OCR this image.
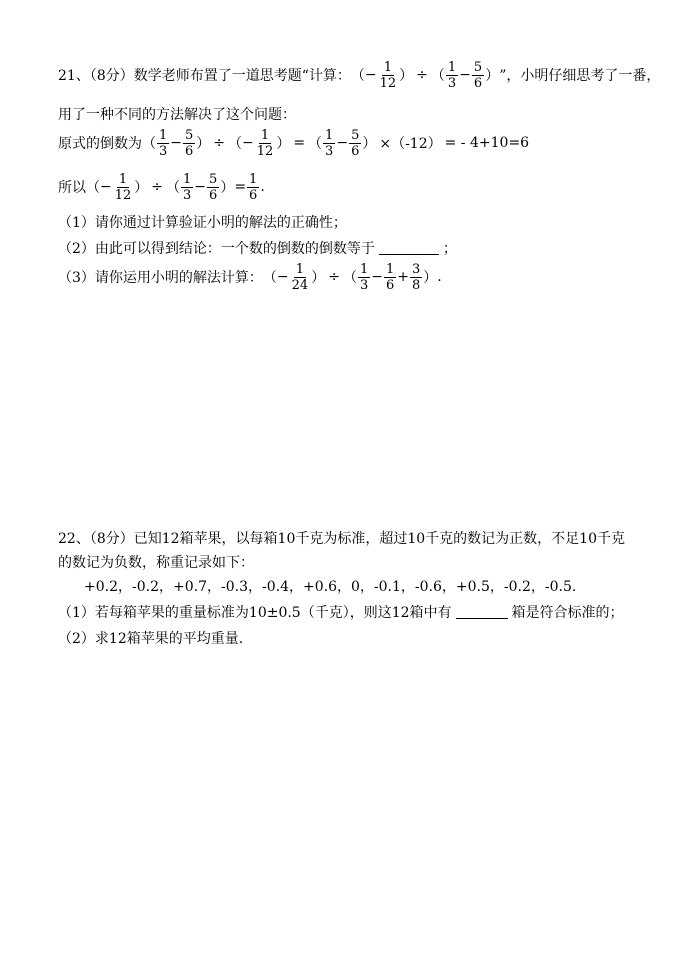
21、（8分）数学老师布置了一道思考题“计算： （ − $\frac{1}{12}$ ） ÷ （ $\frac{1}{3} - \frac{5}{6}$ ） ”，小明仔细思考了一番，
用了一种不同的方法解决了这个问题：
原式的倒数为 （ $\frac{1}{3} - \frac{5}{6}$ ） ÷ （ − $\frac{1}{12}$ ） = （ $\frac{1}{3} - \frac{5}{6}$ ） ×（-12） = - 4+10=6
所以 （ − $\frac{1}{12}$ ） ÷ （ $\frac{1}{3} - \frac{5}{6}$ ） = $\frac{1}{6}$ .
（1）请你通过计算验证小明的解法的正确性；
（2）由此可以得到结论：一个数的倒数的倒数等于	；
（3）请你运用小明的解法计算： （ − $\frac{1}{24}$ ） ÷ （ $\frac{1}{3} - \frac{1}{6} + \frac{3}{8}$ ） .
22、（8分）已知12箱苹果，以每箱10千克为标准，超过10千克的数记为正数，不足10千克
的数记为负数，称重记录如下：
+0.2，-0.2，+0.7，-0.3，-0.4，+0.6，0，-0.1，-0.6，+0.5，-0.2，-0.5.
（1）若每箱苹果的重量标准为10±0.5（千克），则这12箱中有	箱是符合标准的；
（2）求12箱苹果的平均重量.
